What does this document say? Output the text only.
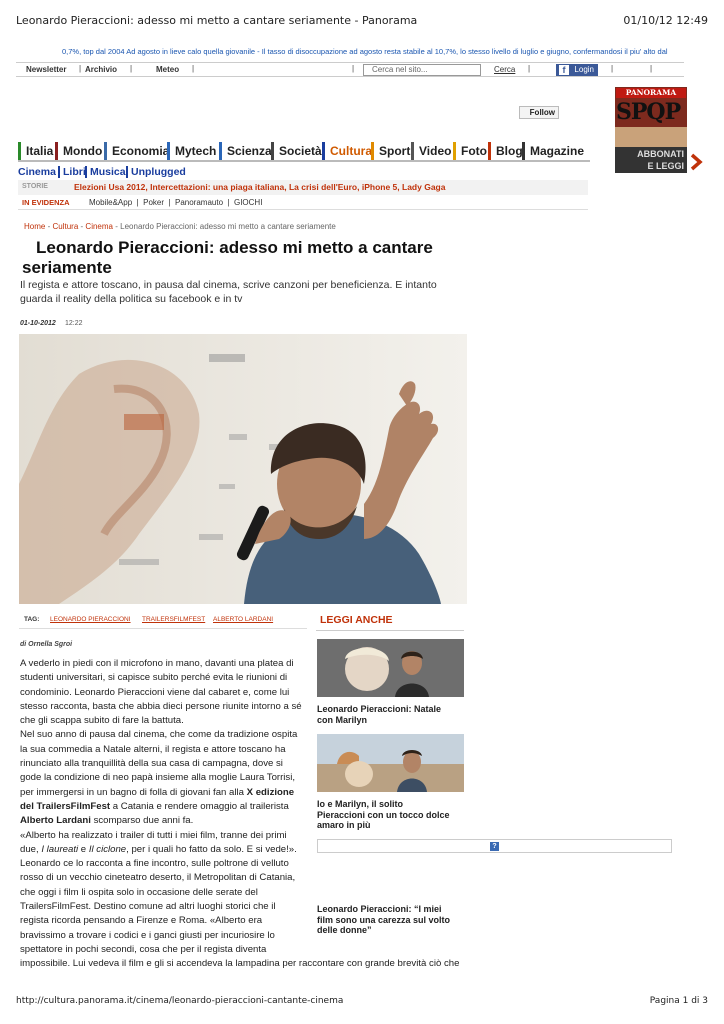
Leonardo Pieraccioni: adesso mi metto a cantare seriamente - Panorama	01/10/12 12:49
0,7%, top dal 2004 Ad agosto in lieve calo quella giovanile - Il tasso di disoccupazione ad agosto resta stabile al 10,7%, lo stesso livello di luglio e giugno, confermandosi il piu' alto dal
Newsletter | Archivio |	Meteo |	|	Cerca nel sito...	Cerca |	f	Login	|	|
Follow
PANORAMA
SPQP
ABBONATI
E LEGGI
Italia Mondo Economia Mytech Scienza Società Cultura Sport Video Foto Blog Magazine
Cinema Libri Musica Unplugged
STORIE	Elezioni Usa 2012, Intercettazioni: una piaga italiana, La crisi dell'Euro, iPhone 5, Lady Gaga
IN EVIDENZA Mobile&App  |  Poker  |  Panoramauto  |  GIOCHI
Home - Cultura - Cinema - Leonardo Pieraccioni: adesso mi metto a cantare seriamente
Leonardo Pieraccioni: adesso mi metto a cantare
seriamente
Il regista e attore toscano, in pausa dal cinema, scrive canzoni per beneficienza. E intanto
guarda il reality della politica su facebook e in tv
01-10-2012 12:22
TAG: LEONARDO PIERACCIONI TRAILERSFILMFEST ALBERTO LARDANI
di Ornella Sgroi

A vederlo in piedi con il microfono in mano, davanti una platea di

studenti universitari, si capisce subito perché evita le riunioni di

condominio. Leonardo Pieraccioni viene dal cabaret e, come lui

stesso racconta, basta che abbia dieci persone riunite intorno a sé

che gli scappa subito di fare la battuta.

Nel suo anno di pausa dal cinema, che come da tradizione ospita

la sua commedia a Natale alterni, il regista e attore toscano ha

rinunciato alla tranquillità della sua casa di campagna, dove si

gode la condizione di neo papà insieme alla moglie Laura Torrisi,

per immergersi in un bagno di folla di giovani fan alla X edizione

del TrailersFilmFest a Catania e rendere omaggio al trailerista

Alberto Lardani scomparso due anni fa.

«Alberto ha realizzato i trailer di tutti i miei film, tranne dei primi

due, I laureati e Il ciclone, per i quali ho fatto da solo. E si vede!».

Leonardo ce lo racconta a fine incontro, sulle poltrone di velluto

rosso di un vecchio cineteatro deserto, il Metropolitan di Catania,

che oggi i film li ospita solo in occasione delle serate del

TrailersFilmFest. Destino comune ad altri luoghi storici che il

regista ricorda pensando a Firenze e Roma. «Alberto era

bravissimo a trovare i codici e i ganci giusti per incuriosire lo

spettatore in pochi secondi, cosa che per il regista diventa

impossibile. Lui vedeva il film e gli si accendeva la lampadina per raccontare con grande brevità ciò che

LEGGI ANCHE
Leonardo Pieraccioni: Natale
con Marilyn
Io e Marilyn, il solito
Pieraccioni con un tocco dolce
amaro in più
?
Leonardo Pieraccioni: “I miei
film sono una carezza sul volto
delle donne”
http://cultura.panorama.it/cinema/leonardo-pieraccioni-cantante-cinema	Pagina 1 di 3
